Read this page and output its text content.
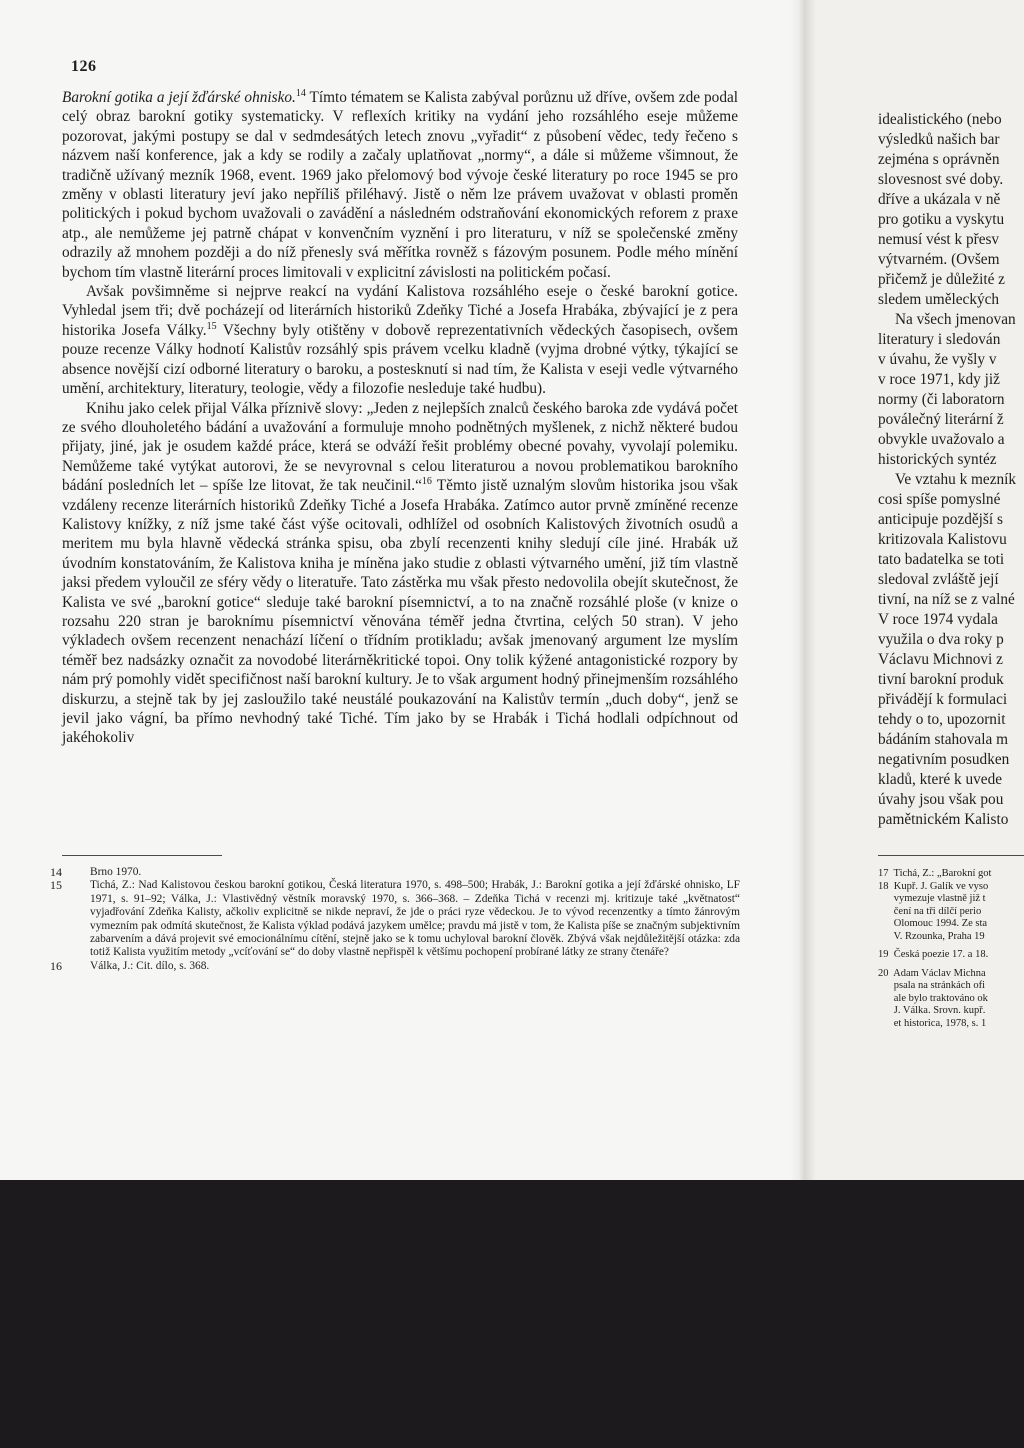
126

Barokní gotika a její žďárské ohnisko.$^{14}$ Tímto tématem se Kalista zabýval porůznu už dříve, ovšem zde podal celý obraz barokní gotiky systematicky. V reflexích kritiky na vydání jeho rozsáhlého eseje můžeme pozorovat, jakými postupy se dal v sedmdesátých letech znovu „vyřadit“ z působení vědec, tedy řečeno s názvem naší konference, jak a kdy se rodily a začaly uplatňovat „normy“, a dále si můžeme všimnout, že tradičně užívaný mezník 1968, event. 1969 jako přelomový bod vývoje české literatury po roce 1945 se pro změny v oblasti literatury jeví jako nepříliš přiléhavý. Jistě o něm lze právem uvažovat v oblasti proměn politických i pokud bychom uvažovali o zavádění a následném odstraňování ekonomických reforem z praxe atp., ale nemůžeme jej patrně chápat v konvenčním vyznění i pro literaturu, v níž se společenské změny odrazily až mnohem později a do níž přenesly svá měřítka rovněž s fázovým posunem. Podle mého mínění bychom tím vlastně literární proces limitovali v explicitní závislosti na politickém počasí.

Avšak povšimněme si nejprve reakcí na vydání Kalistova rozsáhlého eseje o české barokní gotice. Vyhledal jsem tři; dvě pocházejí od literárních historiků Zdeňky Tiché a Josefa Hrabáka, zbývající je z pera historika Josefa Války.$^{15}$ Všechny byly otištěny v dobově reprezentativních vědeckých časopisech, ovšem pouze recenze Války hodnotí Kalistův rozsáhlý spis právem vcelku kladně (vyjma drobné výtky, týkající se absence novější cizí odborné literatury o baroku, a postesknutí si nad tím, že Kalista v eseji vedle výtvarného umění, architektury, literatury, teologie, vědy a filozofie nesleduje také hudbu).

Knihu jako celek přijal Válka příznivě slovy: „Jeden z nejlepších znalců českého baroka zde vydává počet ze svého dlouholetého bádání a uvažování a formuluje mnoho podnětných myšlenek, z nichž některé budou přijaty, jiné, jak je osudem každé práce, která se odváží řešit problémy obecné povahy, vyvolají polemiku. Nemůžeme také vytýkat autorovi, že se nevyrovnal s celou literaturou a novou problematikou barokního bádání posledních let – spíše lze litovat, že tak neučinil.“$^{16}$ Těmto jistě uznalým slovům historika jsou však vzdáleny recenze literárních historiků Zdeňky Tiché a Josefa Hrabáka. Zatímco autor prvně zmíněné recenze Kalistovy knížky, z níž jsme také část výše ocitovali, odhlížel od osobních Kalistových životních osudů a meritem mu byla hlavně vědecká stránka spisu, oba zbylí recenzenti knihy sledují cíle jiné. Hrabák už úvodním konstatováním, že Kalistova kniha je míněna jako studie z oblasti výtvarného umění, již tím vlastně jaksi předem vyloučil ze sféry vědy o literatuře. Tato zástěrka mu však přesto nedovolila obejít skutečnost, že Kalista ve své „barokní gotice“ sleduje také barokní písemnictví, a to na značně rozsáhlé ploše (v knize o rozsahu 220 stran je baroknímu písemnictví věnována téměř jedna čtvrtina, celých 50 stran). V jeho výkladech ovšem recenzent nenachází líčení o třídním protikladu; avšak jmenovaný argument lze myslím téměř bez nadsázky označit za novodobé literárněkritické topoi. Ony tolik kýžené antagonistické rozpory by nám prý pomohly vidět specifičnost naší barokní kultury. Je to však argument hodný přinejmenším rozsáhlého diskurzu, a stejně tak by jej zasloužilo také neustálé poukazování na Kalistův termín „duch doby“, jenž se jevil jako vágní, ba přímo nevhodný také Tiché. Tím jako by se Hrabák i Tichá hodlali odpíchnout od jakéhokoliv

14 Brno 1970.
15 Tichá, Z.: Nad Kalistovou českou barokní gotikou, Česká literatura 1970, s. 498–500; Hrabák, J.: Barokní gotika a její žďárské ohnisko, LF 1971, s. 91–92; Válka, J.: Vlastivědný věstník moravský 1970, s. 366–368. – Zdeňka Tichá v recenzi mj. kritizuje také „květnatost“ vyjadřování Zdeňka Kalisty, ačkoliv explicitně se nikde nepraví, že jde o práci ryze vědeckou. Je to vývod recenzentky a tímto žánrovým vymezním pak odmítá skutečnost, že Kalista výklad podává jazykem umělce; pravdu má jistě v tom, že Kalista píše se značným subjektivním zabarvením a dává projevit své emocionálnímu cítění, stejně jako se k tomu uchyloval barokní člověk. Zbývá však nejdůležitější otázka: zda totiž Kalista využitím metody „vcíťování se“ do doby vlastně nepřispěl k většímu pochopení probírané látky ze strany čtenáře?
16 Válka, J.: Cit. dílo, s. 368.
idealistického (nebo
výsledků našich bar
zejména s oprávněn
slovesnost své doby.
dříve a ukázala v ně
pro gotiku a vyskytu
nemusí vést k přesv
výtvarném. (Ovšem
přičemž je důležité z
sledem uměleckých
Na všech jmenovan
literatury i sledován
v úvahu, že vyšly v
v roce 1971, kdy již
normy (či laboratorn
poválečný literární ž
obvykle uvažovalo a
historických syntéz
Ve vztahu k mezník
cosi spíše pomyslné
anticipuje pozdější s
kritizovala Kalistovu
tato badatelka se toti
sledoval zvláště její
tivní, na níž se z valné
V roce 1974 vydala
využila o dva roky p
Václavu Michnovi z
tivní barokní produk
přivádějí k formulaci
tehdy o to, upozornit
bádáním stahovala m
negativním posudken
kladů, které k uvede
úvahy jsou však pou
pamětnickém Kalisto
17  Tichá, Z.: „Barokní got
18  Kupř. J. Galík ve vyso
vymezuje vlastně již t
čení na tři dílčí perio
Olomouc 1994. Ze sta
V. Rzounka, Praha 19
19  Česká poezie 17. a 18.
20  Adam Václav Michna
psala na stránkách ofi
ale bylo traktováno ok
J. Válka. Srovn. kupř.
et historica, 1978, s. 1
